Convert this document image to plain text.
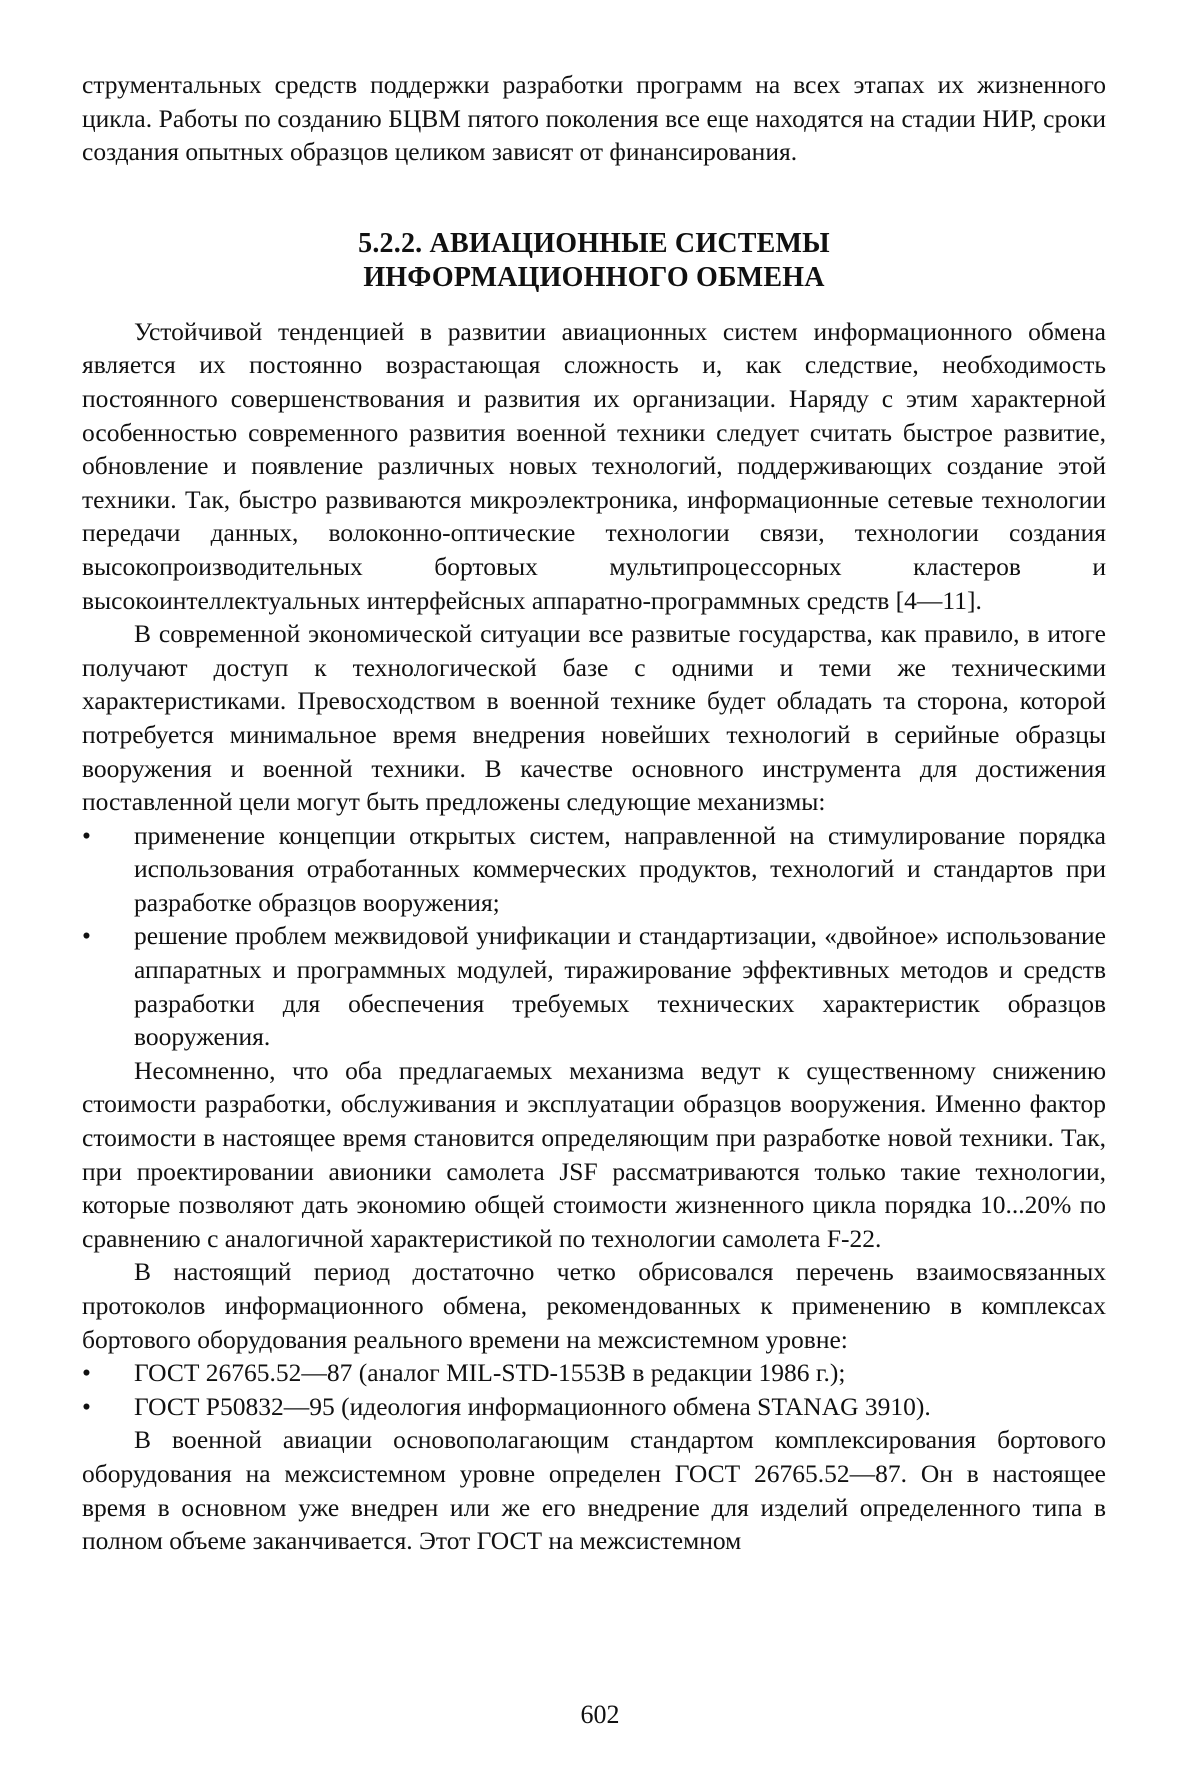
струментальных средств поддержки разработки программ на всех этапах их жизненного цикла. Работы по созданию БЦВМ пятого поколения все еще находятся на стадии НИР, сроки создания опытных образцов целиком зависят от финансирования.

5.2.2. АВИАЦИОННЫЕ СИСТЕМЫ
ИНФОРМАЦИОННОГО ОБМЕНА

Устойчивой тенденцией в развитии авиационных систем информационного обмена является их постоянно возрастающая сложность и, как следствие, необходимость постоянного совершенствования и развития их организации. Наряду с этим характерной особенностью современного развития военной техники следует считать быстрое развитие, обновление и появление различных новых технологий, поддерживающих создание этой техники. Так, быстро развиваются микроэлектроника, информационные сетевые технологии передачи данных, волоконно-оптические технологии связи, технологии создания высокопроизводительных бортовых мультипроцессорных кластеров и высокоинтеллектуальных интерфейсных аппаратно-программных средств [4—11].

В современной экономической ситуации все развитые государства, как правило, в итоге получают доступ к технологической базе с одними и теми же техническими характеристиками. Превосходством в военной технике будет обладать та сторона, которой потребуется минимальное время внедрения новейших технологий в серийные образцы вооружения и военной техники. В качестве основного инструмента для достижения поставленной цели могут быть предложены следующие механизмы:

•	применение концепции открытых систем, направленной на стимулирование порядка использования отработанных коммерческих продуктов, технологий и стандартов при разработке образцов вооружения;
•	решение проблем межвидовой унификации и стандартизации, «двойное» использование аппаратных и программных модулей, тиражирование эффективных методов и средств разработки для обеспечения требуемых технических характеристик образцов вооружения.

Несомненно, что оба предлагаемых механизма ведут к существенному снижению стоимости разработки, обслуживания и эксплуатации образцов вооружения. Именно фактор стоимости в настоящее время становится определяющим при разработке новой техники. Так, при проектировании авионики самолета JSF рассматриваются только такие технологии, которые позволяют дать экономию общей стоимости жизненного цикла порядка 10...20% по сравнению с аналогичной характеристикой по технологии самолета F-22.

В настоящий период достаточно четко обрисовался перечень взаимосвязанных протоколов информационного обмена, рекомендованных к применению в комплексах бортового оборудования реального времени на межсистемном уровне:

•	ГОСТ 26765.52—87 (аналог MIL-STD-1553B в редакции 1986 г.);
•	ГОСТ Р50832—95 (идеология информационного обмена STANAG 3910).

В военной авиации основополагающим стандартом комплексирования бортового оборудования на межсистемном уровне определен ГОСТ 26765.52—87. Он в настоящее время в основном уже внедрен или же его внедрение для изделий определенного типа в полном объеме заканчивается. Этот ГОСТ на межсистемном

602
